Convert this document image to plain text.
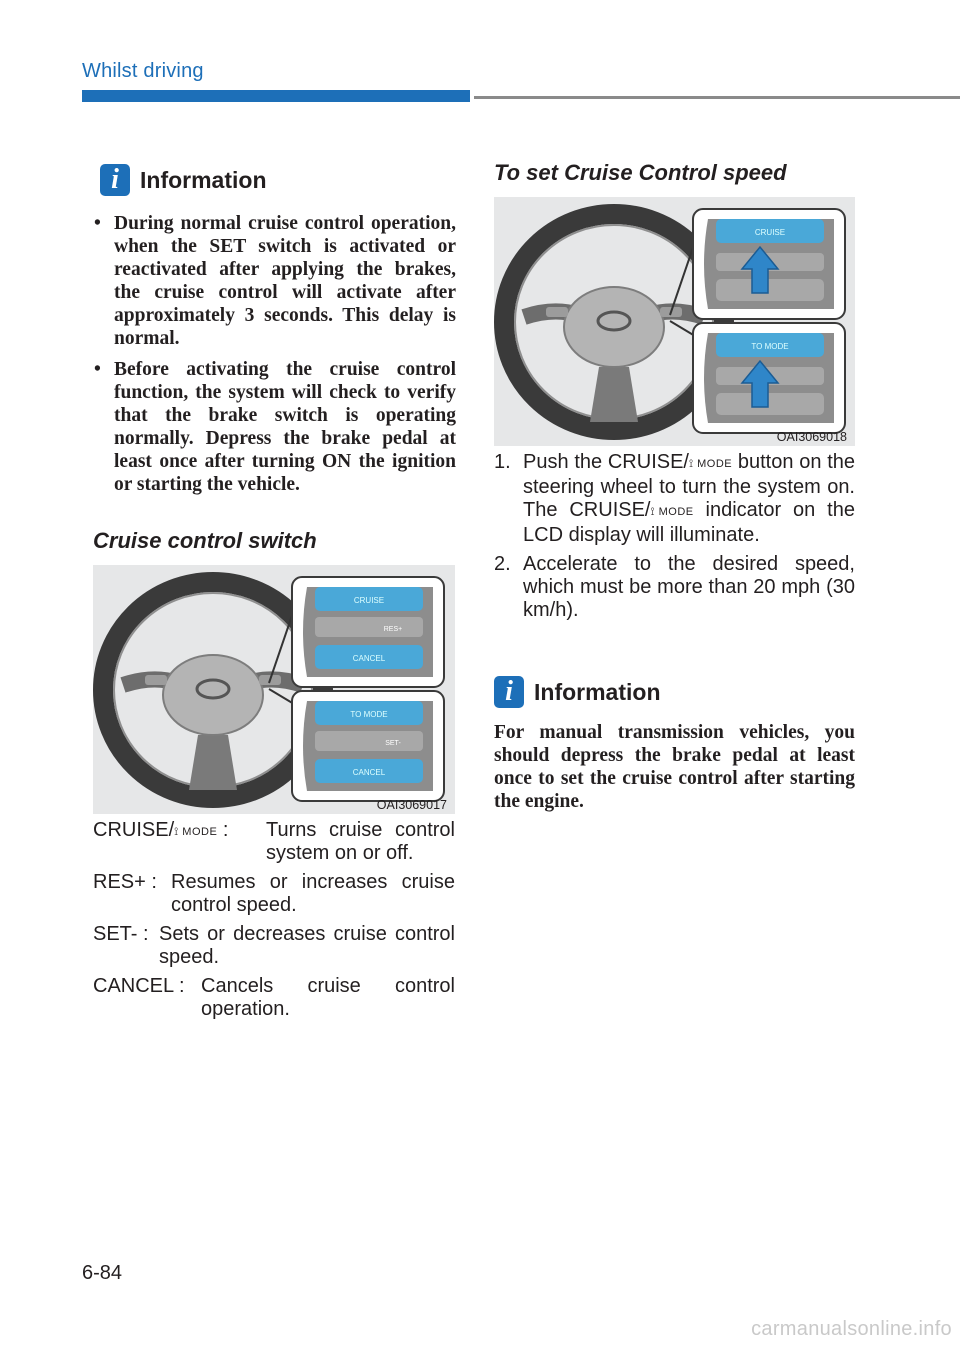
Whilst driving
i Information
• During normal cruise control operation, when the SET switch is activated or reactivated after applying the brakes, the cruise control will activate after approximately 3 seconds. This delay is normal.
• Before activating the cruise control function, the system will check to verify that the brake switch is operating normally. Depress the brake pedal at least once after turning ON the ignition or starting the vehicle.
Cruise control switch
CRUISE
RES+
CANCEL
TO MODE
SET-
CANCEL
OAI3069017
CRUISE/⟟ MODE :	Turns cruise control system on or off.
RES+ : Resumes or increases cruise control speed.
SET- : Sets or decreases cruise control speed.
CANCEL : Cancels cruise control operation.
To set Cruise Control speed
CRUISE
TO MODE
OAI3069018
1. Push the CRUISE/⟟ MODE button on the steering wheel to turn the system on. The CRUISE/⟟ MODE indicator on the LCD display will illuminate.
2. Accelerate to the desired speed, which must be more than 20 mph (30 km/h).
i Information
For manual transmission vehicles, you should depress the brake pedal at least once to set the cruise control after starting the engine.
6-84
carmanualsonline.info
